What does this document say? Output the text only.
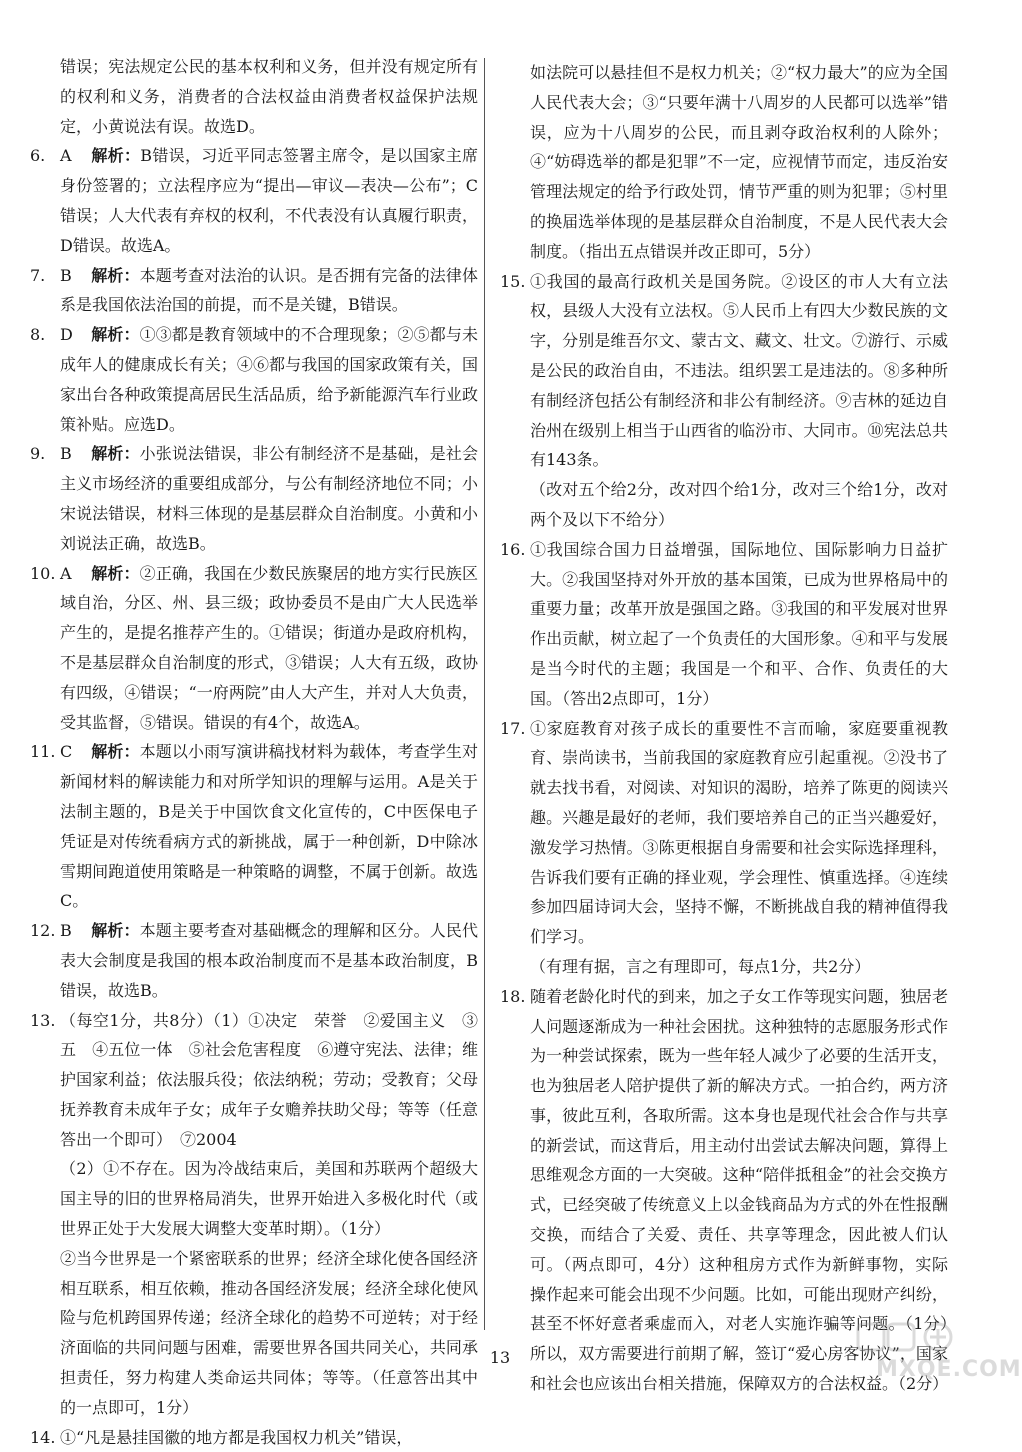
错误；宪法规定公民的基本权利和义务，但并没有规定所有的权利和义务，消费者的合法权益由消费者权益保护法规定，小黄说法有误。故选D。
6. A 解析：B错误，习近平同志签署主席令，是以国家主席身份签署的；立法程序应为“提出—审议—表决—公布”；C错误；人大代表有弃权的权利，不代表没有认真履行职责，D错误。故选A。
7. B 解析：本题考查对法治的认识。是否拥有完备的法律体系是我国依法治国的前提，而不是关键，B错误。
8. D 解析：①③都是教育领域中的不合理现象；②⑤都与未成年人的健康成长有关；④⑥都与我国的国家政策有关，国家出台各种政策提高居民生活品质，给予新能源汽车行业政策补贴。应选D。
9. B 解析：小张说法错误，非公有制经济不是基础，是社会主义市场经济的重要组成部分，与公有制经济地位不同；小宋说法错误，材料三体现的是基层群众自治制度。小黄和小刘说法正确，故选B。
10. A 解析：②正确，我国在少数民族聚居的地方实行民族区域自治，分区、州、县三级；政协委员不是由广大人民选举产生的，是提名推荐产生的。①错误；街道办是政府机构，不是基层群众自治制度的形式，③错误；人大有五级，政协有四级，④错误；“一府两院”由人大产生，并对人大负责，受其监督，⑤错误。错误的有4个，故选A。
11. C 解析：本题以小雨写演讲稿找材料为载体，考查学生对新闻材料的解读能力和对所学知识的理解与运用。A是关于法制主题的，B是关于中国饮食文化宣传的，C中医保电子凭证是对传统看病方式的新挑战，属于一种创新，D中除冰雪期间跑道使用策略是一种策略的调整，不属于创新。故选C。
12. B 解析：本题主要考查对基础概念的理解和区分。人民代表大会制度是我国的根本政治制度而不是基本政治制度，B错误，故选B。
13. （每空1分，共8分）（1）①决定　荣誉　②爱国主义　③五　④五位一体　⑤社会危害程度　⑥遵守宪法、法律；维护国家利益；依法服兵役；依法纳税；劳动；受教育；父母抚养教育未成年子女；成年子女赡养扶助父母；等等（任意答出一个即可）　⑦2004
（2）①不存在。因为冷战结束后，美国和苏联两个超级大国主导的旧的世界格局消失，世界开始进入多极化时代（或世界正处于大发展大调整大变革时期）。（1分）
②当今世界是一个紧密联系的世界；经济全球化使各国经济相互联系，相互依赖，推动各国经济发展；经济全球化使风险与危机跨国界传递；经济全球化的趋势不可逆转；对于经济面临的共同问题与困难，需要世界各国共同关心，共同承担责任，努力构建人类命运共同体；等等。（任意答出其中的一点即可，1分）
14. ①“凡是悬挂国徽的地方都是我国权力机关”错误，
如法院可以悬挂但不是权力机关；②“权力最大”的应为全国人民代表大会；③“只要年满十八周岁的人民都可以选举”错误，应为十八周岁的公民，而且剥夺政治权利的人除外；④“妨碍选举的都是犯罪”不一定，应视情节而定，违反治安管理法规定的给予行政处罚，情节严重的则为犯罪；⑤村里的换届选举体现的是基层群众自治制度，不是人民代表大会制度。（指出五点错误并改正即可，5分）
15. ①我国的最高行政机关是国务院。②设区的市人大有立法权，县级人大没有立法权。⑤人民币上有四大少数民族的文字，分别是维吾尔文、蒙古文、藏文、壮文。⑦游行、示威是公民的政治自由，不违法。组织罢工是违法的。⑧多种所有制经济包括公有制经济和非公有制经济。⑨吉林的延边自治州在级别上相当于山西省的临汾市、大同市。⑩宪法总共有143条。
（改对五个给2分，改对四个给1分，改对三个给1分，改对两个及以下不给分）
16. ①我国综合国力日益增强，国际地位、国际影响力日益扩大。②我国坚持对外开放的基本国策，已成为世界格局中的重要力量；改革开放是强国之路。③我国的和平发展对世界作出贡献，树立起了一个负责任的大国形象。④和平与发展是当今时代的主题；我国是一个和平、合作、负责任的大国。（答出2点即可，1分）
17. ①家庭教育对孩子成长的重要性不言而喻，家庭要重视教育、崇尚读书，当前我国的家庭教育应引起重视。②没书了就去找书看，对阅读、对知识的渴盼，培养了陈更的阅读兴趣。兴趣是最好的老师，我们要培养自己的正当兴趣爱好，激发学习热情。③陈更根据自身需要和社会实际选择理科，告诉我们要有正确的择业观，学会理性、慎重选择。④连续参加四届诗词大会，坚持不懈，不断挑战自我的精神值得我们学习。
（有理有据，言之有理即可，每点1分，共2分）
18. 随着老龄化时代的到来，加之子女工作等现实问题，独居老人问题逐渐成为一种社会困扰。这种独特的志愿服务形式作为一种尝试探索，既为一些年轻人减少了必要的生活开支，也为独居老人陪护提供了新的解决方式。一拍合约，两方济事，彼此互利，各取所需。这本身也是现代社会合作与共享的新尝试，而这背后，用主动付出尝试去解决问题，算得上思维观念方面的一大突破。这种“陪伴抵租金”的社会交换方式，已经突破了传统意义上以金钱商品为方式的外在性报酬交换，而结合了关爱、责任、共享等理念，因此被人们认可。（两点即可，4分）这种租房方式作为新鲜事物，实际操作起来可能会出现不少问题。比如，可能出现财产纠纷，甚至不怀好意者乘虚而入，对老人实施诈骗等问题。（1分）所以，双方需要进行前期了解，签订“爱心房客协议”，国家和社会也应该出台相关措施，保障双方的合法权益。（2分）
13	MXQE.COM
